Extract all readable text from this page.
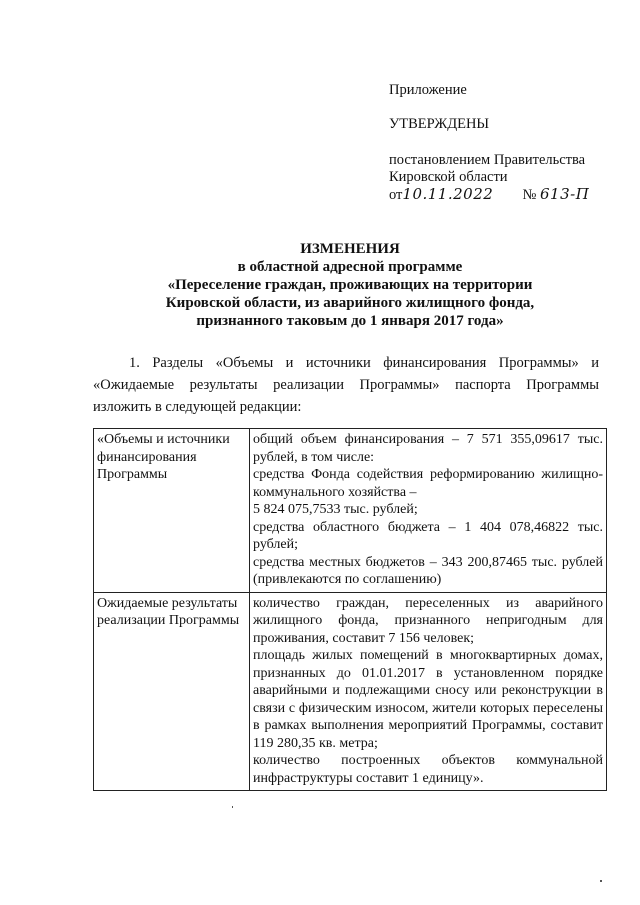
Приложение
УТВЕРЖДЕНЫ
постановлением Правительства
Кировской области
от10.11.2022 № 613-П
ИЗМЕНЕНИЯ
в областной адресной программе
«Переселение граждан, проживающих на территории
Кировской области, из аварийного жилищного фонда,
признанного таковым до 1 января 2017 года»
1. Разделы «Объемы и источники финансирования Программы» и «Ожидаемые результаты реализации Программы» паспорта Программы изложить в следующей редакции:
«Объемы и источники финансирования Программы	общий объем финансирования – 7 571 355,09617 тыс. рублей, в том числе:
средства Фонда содействия реформированию жилищно-коммунального хозяйства –
5 824 075,7533 тыс. рублей;
средства областного бюджета – 1 404 078,46822 тыс. рублей;
средства местных бюджетов – 343 200,87465 тыс. рублей (привлекаются по соглашению)

Ожидаемые результаты реализации Программы	количество граждан, переселенных из аварийного жилищного фонда, признанного непригодным для проживания, составит 7 156 человек;
площадь жилых помещений в многоквартирных домах, признанных до 01.01.2017 в установленном порядке аварийными и подлежащими сносу или реконструкции в связи с физическим износом, жители которых переселены в рамках выполнения мероприятий Программы, составит 119 280,35 кв. метра;
количество построенных объектов коммунальной инфраструктуры составит 1 единицу».
